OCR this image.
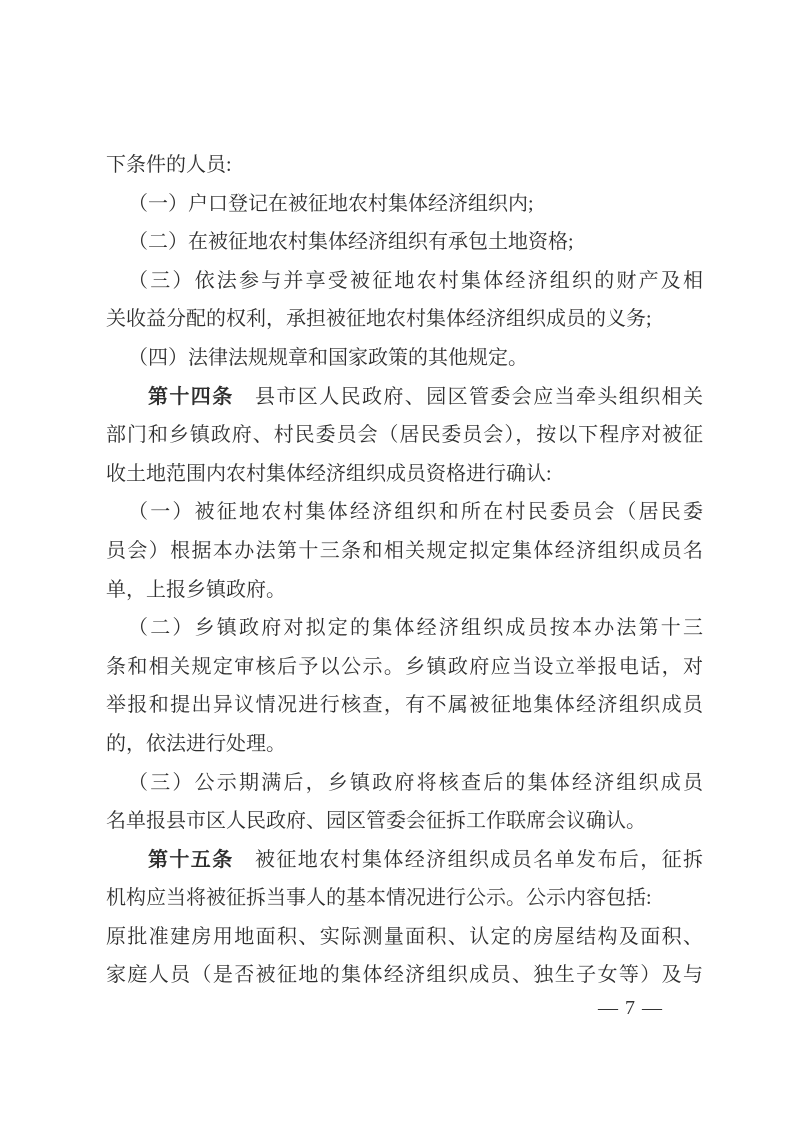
下条件的人员:
（一）户口登记在被征地农村集体经济组织内;
（二）在被征地农村集体经济组织有承包土地资格;
（三）依法参与并享受被征地农村集体经济组织的财产及相
关收益分配的权利，承担被征地农村集体经济组织成员的义务;
（四）法律法规规章和国家政策的其他规定。
第十四条　县市区人民政府、园区管委会应当牵头组织相关
部门和乡镇政府、村民委员会（居民委员会），按以下程序对被征
收土地范围内农村集体经济组织成员资格进行确认:
（一）被征地农村集体经济组织和所在村民委员会（居民委
员会）根据本办法第十三条和相关规定拟定集体经济组织成员名
单，上报乡镇政府。
（二）乡镇政府对拟定的集体经济组织成员按本办法第十三
条和相关规定审核后予以公示。乡镇政府应当设立举报电话，对
举报和提出异议情况进行核查，有不属被征地集体经济组织成员
的，依法进行处理。
（三）公示期满后，乡镇政府将核查后的集体经济组织成员
名单报县市区人民政府、园区管委会征拆工作联席会议确认。
第十五条　被征地农村集体经济组织成员名单发布后，征拆
机构应当将被征拆当事人的基本情况进行公示。公示内容包括:
原批准建房用地面积、实际测量面积、认定的房屋结构及面积、
家庭人员（是否被征地的集体经济组织成员、独生子女等）及与
— 7 —
